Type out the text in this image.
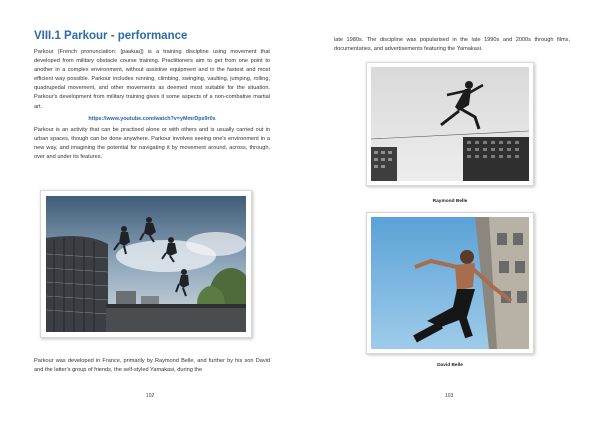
VIII.1 Parkour - performance

Parkour (French pronunciation: [paʁkuʁ]) is a training discipline using movement that developed from military obstacle course training. Practitioners aim to get from one point to another in a complex environment, without assistive equipment and in the fastest and most efficient way possible. Parkour includes running, climbing, swinging, vaulting, jumping, rolling, quadrupedal movement, and other movements as deemed most suitable for the situation. Parkour's development from military training gives it some aspects of a non-combative martial art.

https://www.youtube.com/watch?v=yMmrDps9r0s

Parkour is an activity that can be practised alone or with others and is usually carried out in urban spaces, though can be done anywhere. Parkour involves seeing one's environment in a new way, and imagining the potential for navigating it by movement around, across, through, over and under its features.

Parkour was developed in France, primarily by Raymond Belle, and further by his son David and the latter's group of friends, the self-styled Yamakasi, during the

102

late 1980s. The discipline was popularised in the late 1990s and 2000s through films, documentaries, and advertisements featuring the Yamakasi.

Raymond Belle
David Belle
103
